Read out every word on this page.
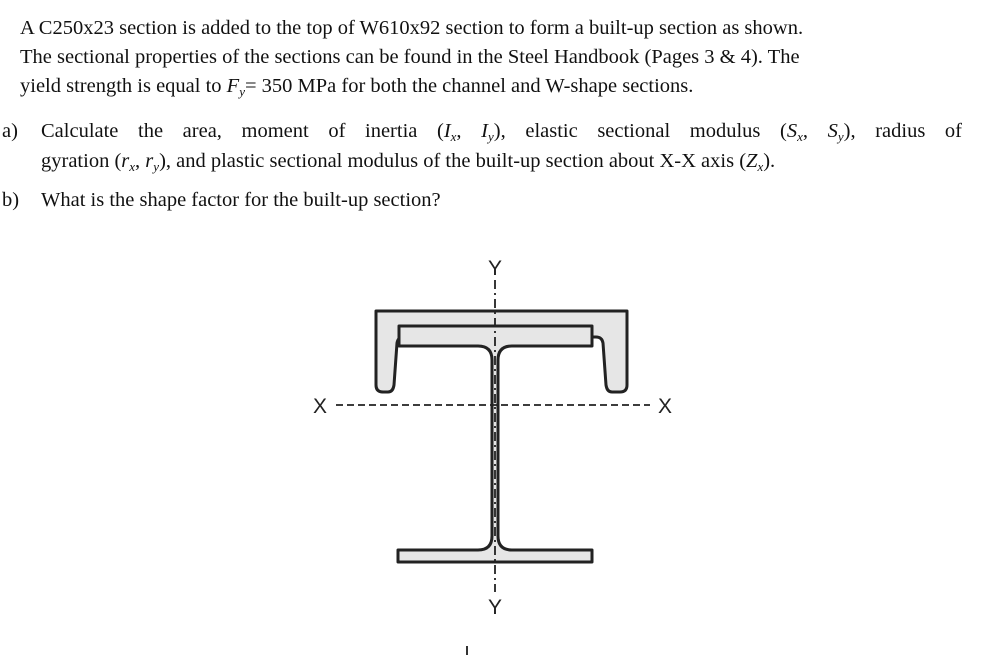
A C250x23 section is added to the top of W610x92 section to form a built-up section as shown.
The sectional properties of the sections can be found in the Steel Handbook (Pages 3 & 4). The
yield strength is equal to $F_y= 350$ MPa for both the channel and W-shape sections.
a) Calculate the area, moment of inertia ($I_x$, $I_y$), elastic sectional modulus ($S_x$, $S_y$), radius of
gyration ($r_x$, $r_y$), and plastic sectional modulus of the built-up section about X-X axis $(Z_x)$.
b) What is the shape factor for the built-up section?
Y
Y
X	X
